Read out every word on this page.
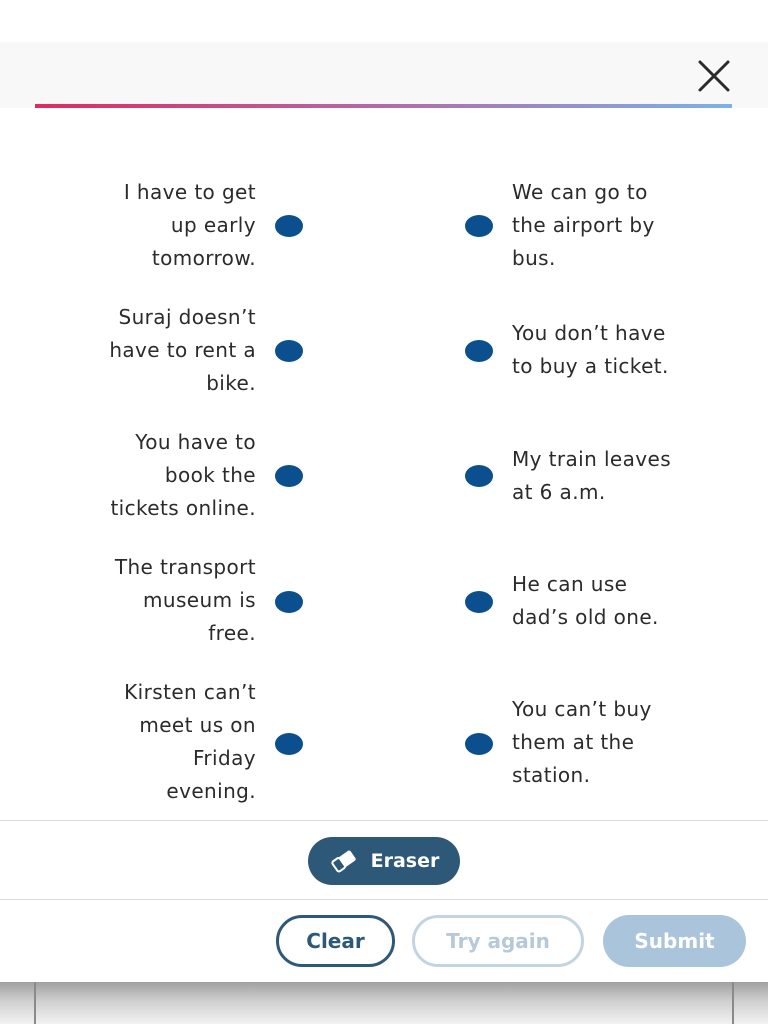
I have to get
up early
tomorrow.
Suraj doesn’t
have to rent a
bike.
You have to
book the
tickets online.
The transport
museum is
free.
Kirsten can’t
meet us on
Friday
evening.
We can go to
the airport by
bus.
You don’t have
to buy a ticket.
My train leaves
at 6 a.m.
He can use
dad’s old one.
You can’t buy
them at the
station.
Eraser
Clear	Try again	Submit
